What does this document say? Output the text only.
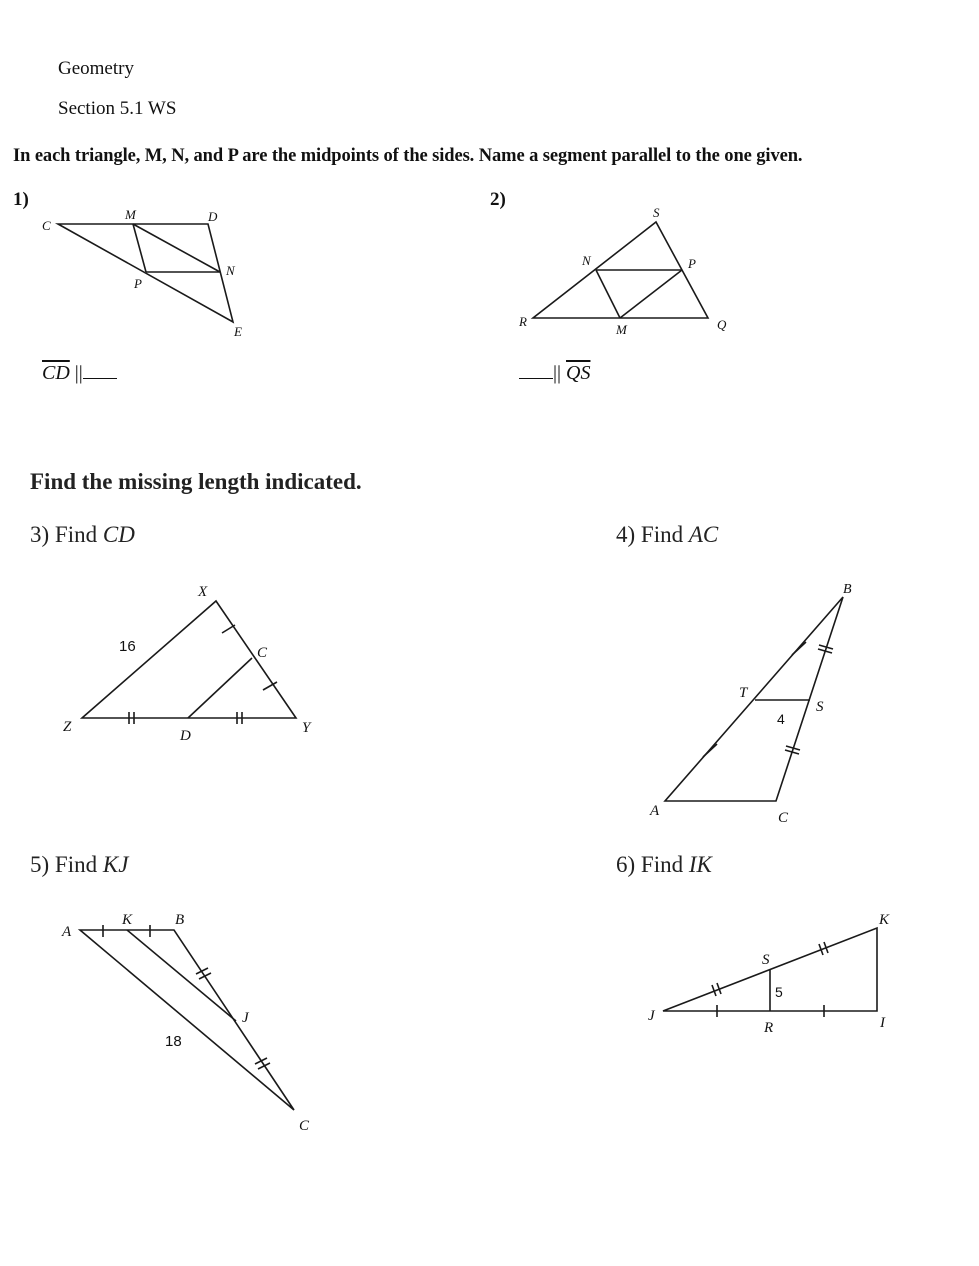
Geometry
Section 5.1 WS
In each triangle, M, N, and P are the midpoints of the sides. Name a segment parallel to the one given.
1)
C
M	D
N
P
E
$\overline{CD}$ ||
2)
S
N	P
R
M	Q
|| $\overline{QS}$
Find the missing length indicated.
3) Find CD
X
C
Z
D	Y
16
4) Find AC
B
T
S
A	C
4
5) Find KJ
A
K	B
J
C
18
6) Find IK
K
S
J
R	I
5
